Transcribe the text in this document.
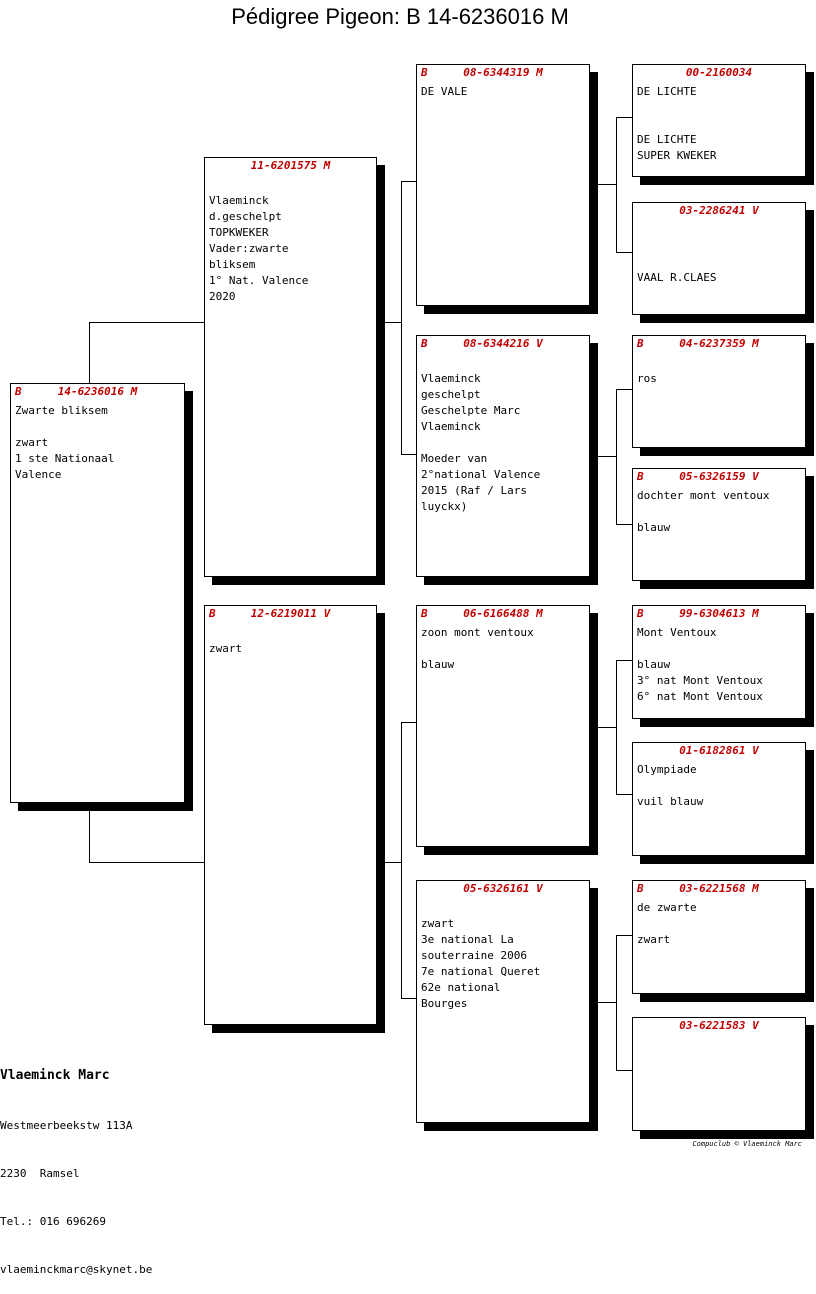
Pédigree Pigeon: B 14-6236016 M
B	14-6236016 M
Zwarte bliksem

zwart
1 ste Nationaal
Valence
11-6201575 M

Vlaeminck
d.geschelpt
TOPKWEKER
Vader:zwarte
bliksem
1° Nat. Valence
2020
B	12-6219011 V

zwart
B	08-6344319 M
DE VALE
B	08-6344216 V

Vlaeminck
geschelpt
Geschelpte Marc
Vlaeminck

Moeder van
2°national Valence
2015 (Raf / Lars
luyckx)
B	06-6166488 M
zoon mont ventoux

blauw
05-6326161 V

zwart
3e national La
souterraine 2006
7e national Queret
62e national
Bourges
00-2160034
DE LICHTE

DE LICHTE
SUPER KWEKER
03-2286241 V

VAAL R.CLAES
B	04-6237359 M

ros
B	05-6326159 V
dochter mont ventoux

blauw
B	99-6304613 M
Mont Ventoux

blauw
3° nat Mont Ventoux
6° nat Mont Ventoux
01-6182861 V
Olympiade

vuil blauw
B	03-6221568 M
de zwarte

zwart
03-6221583 V

Vlaeminck Marc

Westmeerbeekstw 113A

2230  Ramsel

Tel.: 016 696269

vlaeminckmarc@skynet.be

Compuclub © Vlaeminck Marc
